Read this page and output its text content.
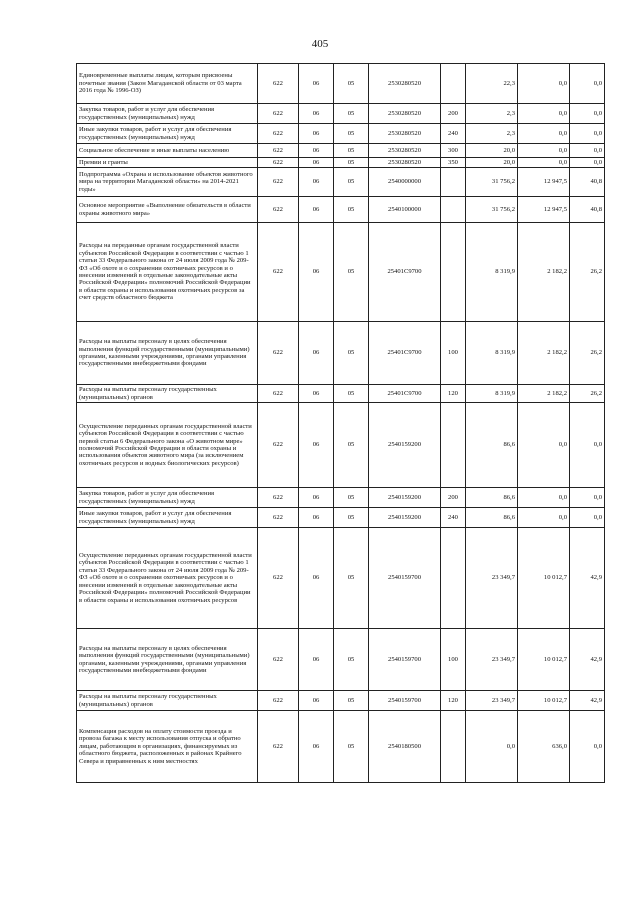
405
Единовременные выплаты лицам, которым присвоены почетные звания (Закон Магаданской области от 03 марта 2016 года № 1996-ОЗ)	622	06	05	2530280520		22,3	0,0	0,0
Закупка товаров, работ и услуг для обеспечения государственных (муниципальных) нужд	622	06	05	2530280520	200	2,3	0,0	0,0
Иные закупки товаров, работ и услуг для обеспечения государственных (муниципальных) нужд	622	06	05	2530280520	240	2,3	0,0	0,0
Социальное обеспечение и иные выплаты населению	622	06	05	2530280520	300	20,0	0,0	0,0
Премии и гранты	622	06	05	2530280520	350	20,0	0,0	0,0
Подпрограмма «Охрана и использование объектов животного мира на территории Магаданской области» на 2014-2021 годы»	622	06	05	2540000000		31 756,2	12 947,5	40,8
Основное мероприятие «Выполнение обязательств в области охраны животного мира»	622	06	05	2540100000		31 756,2	12 947,5	40,8
Расходы на переданные органам государственной власти субъектов Российской Федерации в соответствии с частью 1 статьи 33 Федерального закона от 24 июля 2009 года № 209-ФЗ «Об охоте и о сохранении охотничьих ресурсов и о внесении изменений в отдельные законодательные акты Российской Федерации» полномочий Российской Федерации в области охраны и использования охотничьих ресурсов за счет средств областного бюджета	622	06	05	25401С9700		8 319,9	2 182,2	26,2
Расходы на выплаты персоналу в целях обеспечения выполнения функций государственными (муниципальными) органами, казенными учреждениями, органами управления государственными внебюджетными фондами	622	06	05	25401С9700	100	8 319,9	2 182,2	26,2
Расходы на выплаты персоналу государственных (муниципальных) органов	622	06	05	25401С9700	120	8 319,9	2 182,2	26,2
Осуществление переданных органам государственной власти субъектов Российской Федерации в соответствии с частью первой статьи 6 Федерального закона «О животном мире» полномочий Российской Федерации в области охраны и использования объектов животного мира (за исключением охотничьих ресурсов и водных биологических ресурсов)	622	06	05	2540159200		86,6	0,0	0,0
Закупка товаров, работ и услуг для обеспечения государственных (муниципальных) нужд	622	06	05	2540159200	200	86,6	0,0	0,0
Иные закупки товаров, работ и услуг для обеспечения государственных (муниципальных) нужд	622	06	05	2540159200	240	86,6	0,0	0,0
Осуществление переданных органам государственной власти субъектов Российской Федерации в соответствии с частью 1 статьи 33 Федерального закона от 24 июля 2009 года № 209-ФЗ «Об охоте и о сохранении охотничьих ресурсов и о внесении изменений в отдельные законодательные акты Российской Федерации» полномочий Российской Федерации в области охраны и использования охотничьих ресурсов	622	06	05	2540159700		23 349,7	10 012,7	42,9
Расходы на выплаты персоналу в целях обеспечения выполнения функций государственными (муниципальными) органами, казенными учреждениями, органами управления государственными внебюджетными фондами	622	06	05	2540159700	100	23 349,7	10 012,7	42,9
Расходы на выплаты персоналу государственных (муниципальных) органов	622	06	05	2540159700	120	23 349,7	10 012,7	42,9
Компенсация расходов на оплату стоимости проезда и провоза багажа к месту использования отпуска и обратно лицам, работающим в организациях, финансируемых из областного бюджета, расположенных в районах Крайнего Севера и приравненных к ним местностях	622	06	05	2540180500		0,0	636,0	0,0
